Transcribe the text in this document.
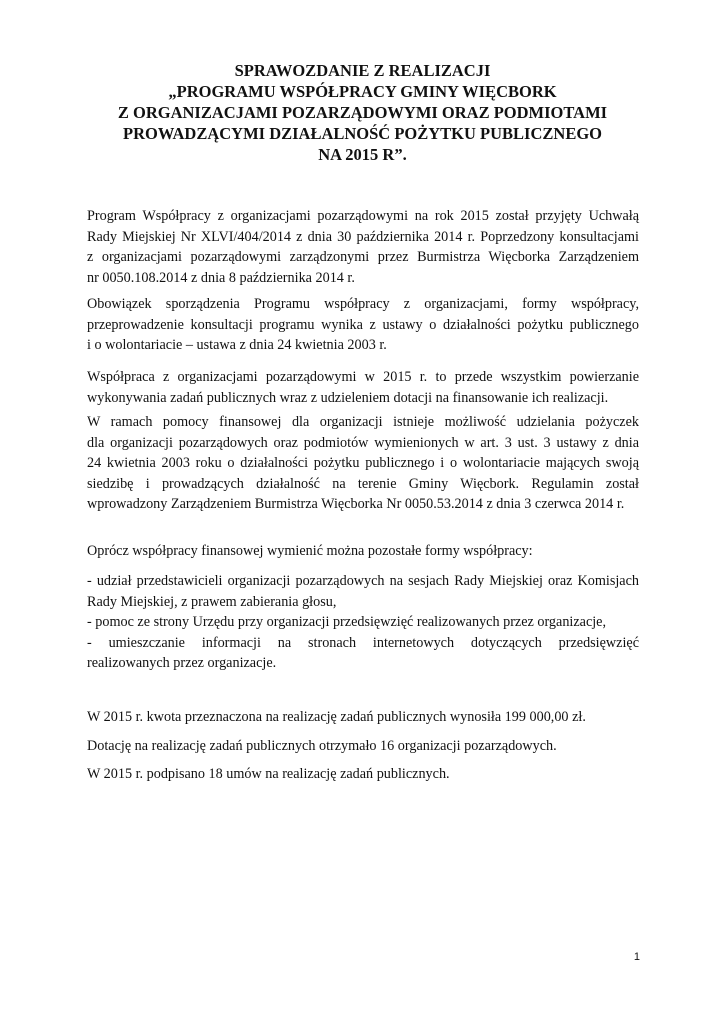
SPRAWOZDANIE Z REALIZACJI
„PROGRAMU WSPÓŁPRACY GMINY WIĘCBORK
Z ORGANIZACJAMI POZARZĄDOWYMI ORAZ PODMIOTAMI
PROWADZĄCYMI DZIAŁALNOŚĆ POŻYTKU PUBLICZNEGO
NA 2015 R”.
Program Współpracy z organizacjami pozarządowymi na rok 2015 został przyjęty Uchwałą
Rady Miejskiej Nr XLVI/404/2014 z dnia 30 października 2014 r. Poprzedzony konsultacjami
z organizacjami pozarządowymi zarządzonymi przez Burmistrza Więcborka Zarządzeniem
nr 0050.108.2014 z dnia 8 października 2014 r.
Obowiązek sporządzenia Programu współpracy z organizacjami, formy współpracy,
przeprowadzenie konsultacji programu wynika z ustawy o działalności pożytku publicznego
i o wolontariacie – ustawa z dnia 24 kwietnia 2003 r.
Współpraca z organizacjami pozarządowymi w 2015 r. to przede wszystkim powierzanie
wykonywania zadań publicznych wraz z udzieleniem dotacji na finansowanie ich realizacji.
W ramach pomocy finansowej dla organizacji istnieje możliwość udzielania pożyczek
dla organizacji pozarządowych oraz podmiotów wymienionych w art. 3 ust. 3 ustawy z dnia
24 kwietnia 2003 roku o działalności pożytku publicznego i o wolontariacie mających swoją
siedzibę i prowadzących działalność na terenie Gminy Więcbork. Regulamin został
wprowadzony Zarządzeniem Burmistrza Więcborka Nr 0050.53.2014 z dnia 3 czerwca 2014 r.
Oprócz współpracy finansowej wymienić można pozostałe formy współpracy:
- udział przedstawicieli organizacji pozarządowych na sesjach Rady Miejskiej oraz Komisjach
Rady Miejskiej, z prawem zabierania głosu,
- pomoc ze strony Urzędu przy organizacji przedsięwzięć realizowanych przez organizacje,
- umieszczanie informacji na stronach internetowych dotyczących przedsięwzięć
realizowanych przez organizacje.
W 2015 r. kwota przeznaczona na realizację zadań publicznych wynosiła 199 000,00 zł.
Dotację na realizację zadań publicznych otrzymało 16 organizacji pozarządowych.
W 2015 r. podpisano 18 umów na realizację zadań publicznych.
1
